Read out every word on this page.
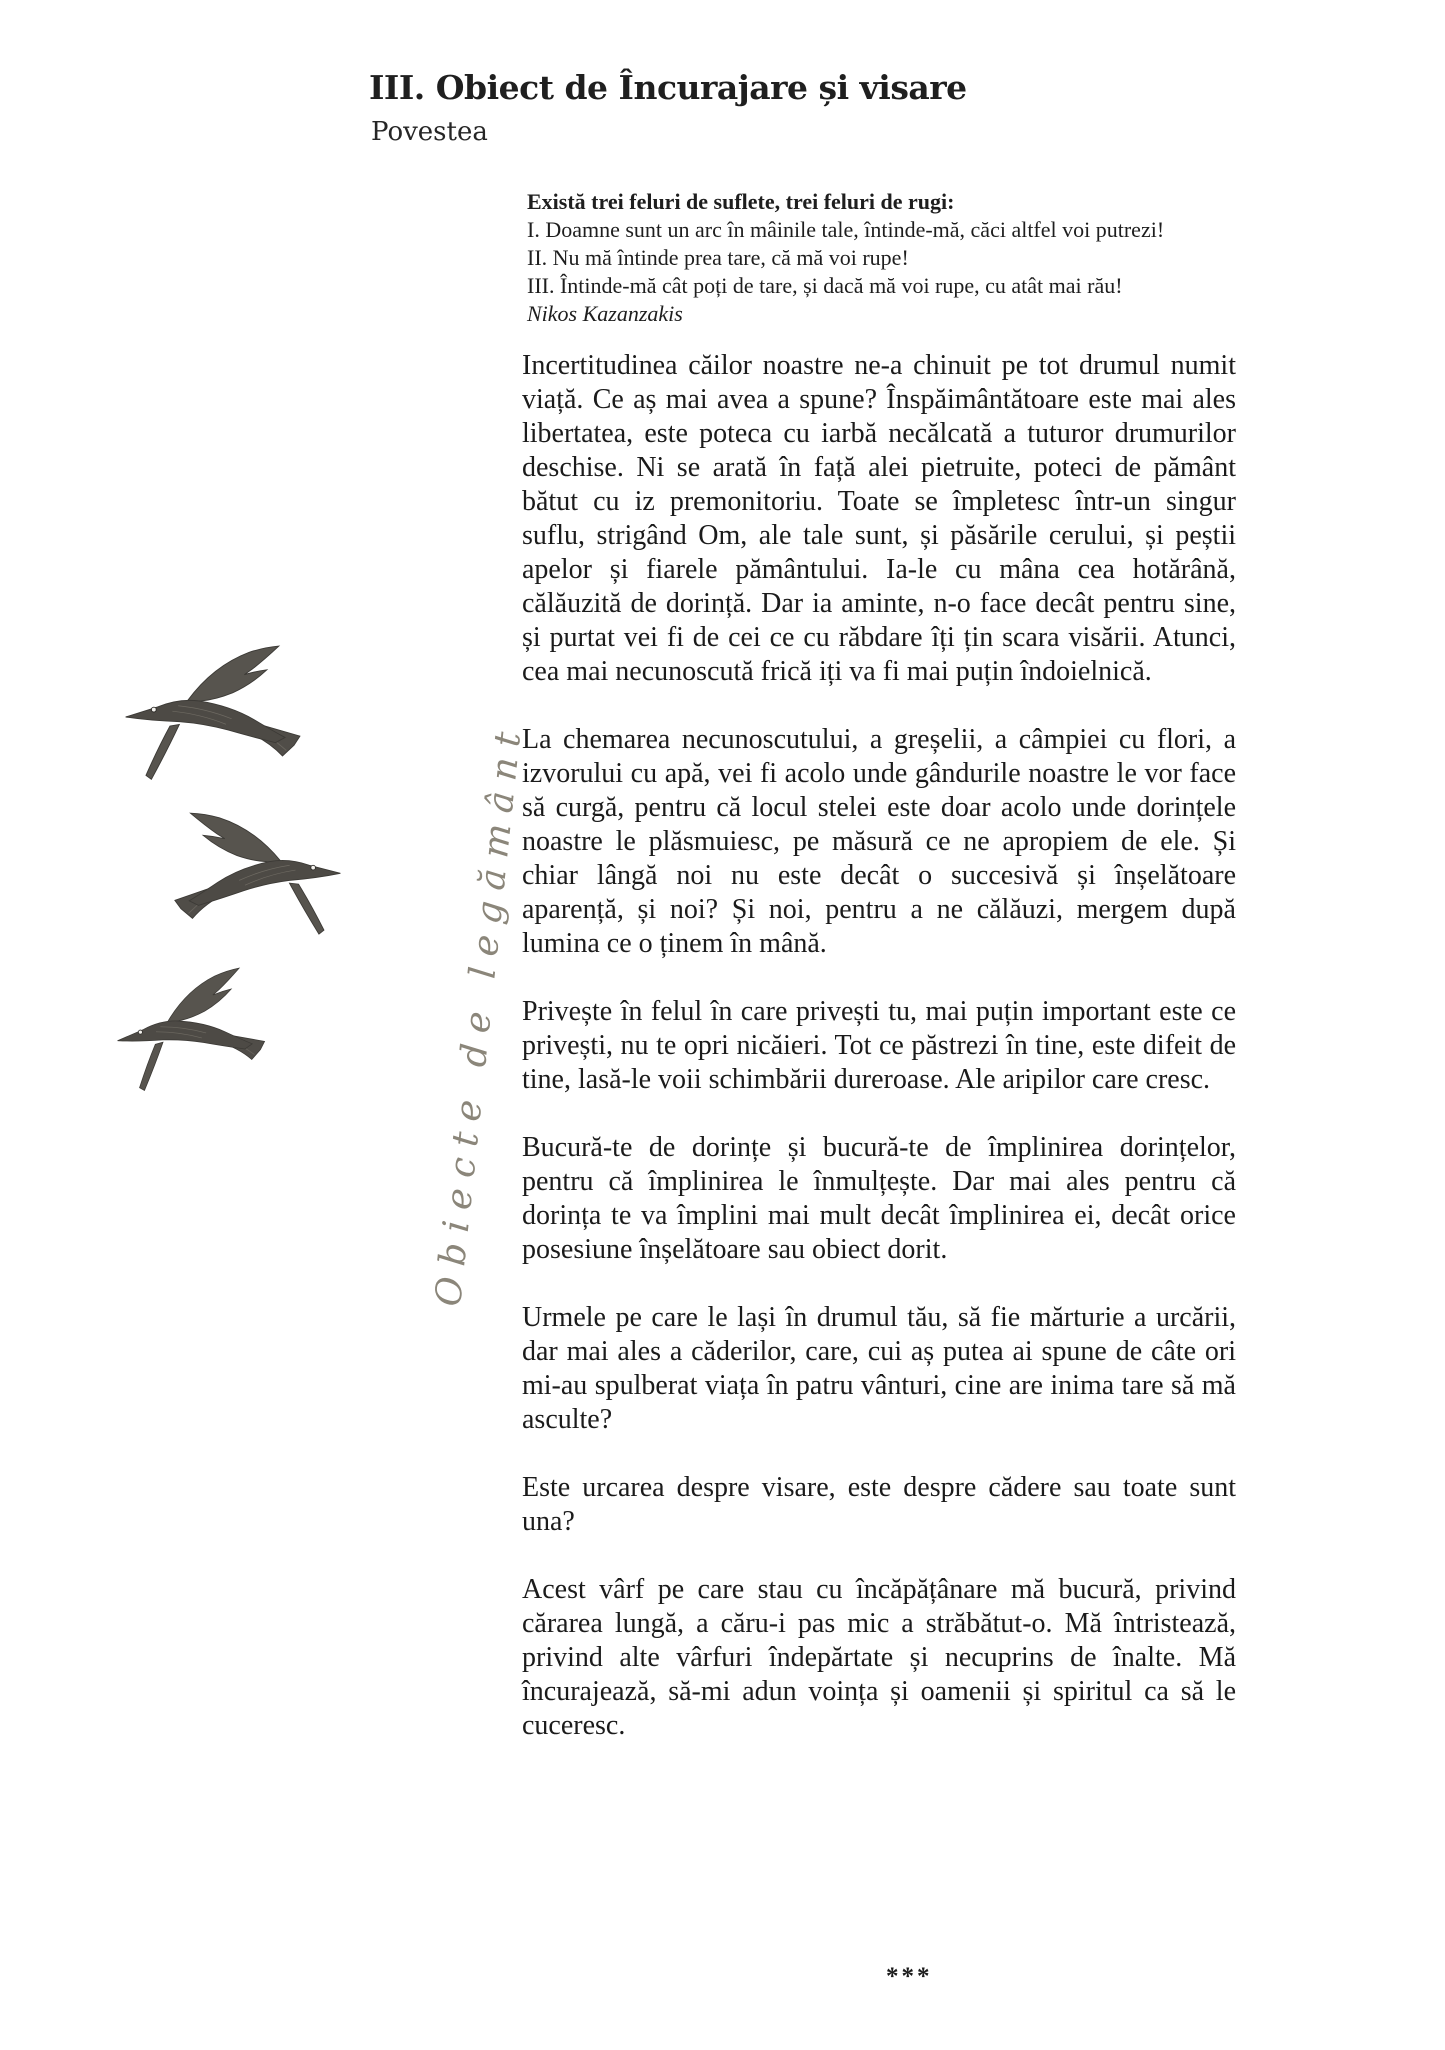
III. Obiect de Încurajare și visare
Povestea
Există trei feluri de suflete, trei feluri de rugi:
I. Doamne sunt un arc în mâinile tale, întinde-mă, căci altfel voi putrezi!
II. Nu mă întinde prea tare, că mă voi rupe!
III. Întinde-mă cât poți de tare, și dacă mă voi rupe, cu atât mai rău!
Nikos Kazanzakis

Incertitudinea căilor noastre ne-a chinuit pe tot drumul numit viață. Ce aș mai avea a spune? Înspăimântătoare este mai ales libertatea, este poteca cu iarbă necălcată a tuturor drumurilor deschise. Ni se arată în față alei pietruite, poteci de pământ bătut cu iz premonitoriu. Toate se împletesc într-un singur suflu, strigând Om, ale tale sunt, și păsările cerului, și peștii apelor și fiarele pământului. Ia-le cu mâna cea hotărână, călăuzită de dorință. Dar ia aminte, n-o face decât pentru sine, și purtat vei fi de cei ce cu răbdare îți țin scara visării. Atunci, cea mai necunoscută frică iți va fi mai puțin îndoielnică.

La chemarea necunoscutului, a greșelii, a câmpiei cu flori, a izvorului cu apă, vei fi acolo unde gândurile noastre le vor face să curgă, pentru că locul stelei este doar acolo unde dorințele noastre le plăsmuiesc, pe măsură ce ne apropiem de ele. Și chiar lângă noi nu este decât o succesivă și înșelătoare aparență, și noi? Și noi, pentru a ne călăuzi, mergem după lumina ce o ținem în mână.

Privește în felul în care privești tu, mai puțin important este ce privești, nu te opri nicăieri. Tot ce păstrezi în tine, este difeit de tine, lasă-le voii schimbării dureroase. Ale aripilor care cresc.

Bucură-te de dorințe și bucură-te de împlinirea dorințelor, pentru că împlinirea le înmulțește. Dar mai ales pentru că dorința te va împlini mai mult decât împlinirea ei, decât orice posesiune înșelătoare sau obiect dorit.

Urmele pe care le lași în drumul tău, să fie mărturie a urcării, dar mai ales a căderilor, care, cui aș putea ai spune de câte ori mi-au spulberat viața în patru vânturi, cine are inima tare să mă asculte?

Este urcarea despre visare, este despre cădere sau toate sunt una?

Acest vârf pe care stau cu încăpățânare mă bucură, privind cărarea lungă, a căru-i pas mic a străbătut-o. Mă întristează, privind alte vârfuri îndepărtate și necuprins de înalte. Mă încurajează, să-mi adun voința și oamenii și spiritul ca să le cuceresc.

Obiecte de legământ
***
